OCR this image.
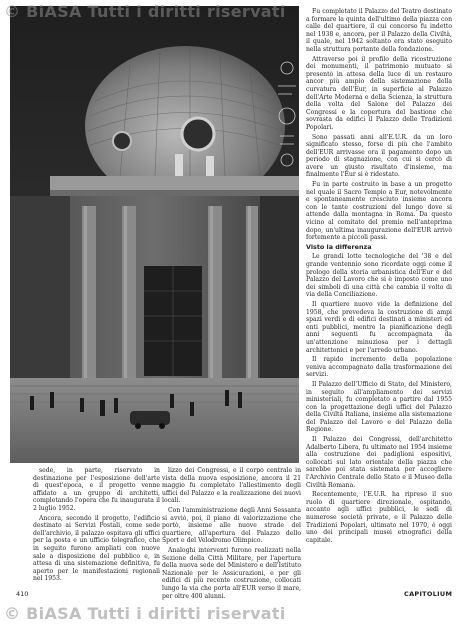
© BiASA Tutti i diritti riservati	Fu completato il Palazzo del Teatro destinato a formare la quinta dell'ultimo della piazza con calle del quartiere, il cui concorso fu indetto nel 1938 e, ancora, per il Palazzo della Civiltà, il quale, nel 1942 soltanto era stato eseguito nella struttura portante della fondazione.

Attraverso poi il profilo della ricostruzione dei monumenti, il patrimonio mutuato si presentò in attesa della luce di un restauro ancor più ampio della sistemazione della curvatura dell'Eur, in superficie al Palazzo dell'Arte Moderna e della Scienza, la struttura della volta del Salone del Palazzo dei Congressi e la copertura del bastione che sovrasta da edifici il Palazzo delle Tradizioni Popolari.

Sono passati anni all'E.U.R. da un loro significato stesso, forse di più che l'ambito dell'EUR arrivasse ora il pagamento dopo un periodo di stagnazione, con cui si cercò di avere un giusto risultato d'insieme, ma finalmente l'Eur si è ridestato.

Fu in parte costruito in base a un progetto nel quale il Sacro Tempio a Eur, notevolmente e spontaneamente cresciuto insieme ancora con le tante costruzioni del lungo dove si attende dalla montagna in Roma. Da questo vicino al comitato del premio nell'anteprima dopo, un'ultima inaugurazione dell'EUR arrivò fortemente a piccoli passi.

Visto la differenza

Le grandi lotte tecnologiche del '38 e del grande ventennio sono ricordate oggi come il prologo della storia urbanistica dell'Eur e del Palazzo del Lavoro che si è imposto come uno dei simboli di una città che cambia il volto di via della Conciliazione.

Il quartiere nuovo vide la definizione del 1958, che prevedeva la costruzione di ampi spazi verdi e di edifici destinati a ministeri ed enti pubblici, mentre la pianificazione degli anni seguenti fu accompagnata da un'attenzione minuziosa per i dettagli architettonici e per l'arredo urbano.

Il rapido incremento della popolazione veniva accompagnato dalla trasformazione dei servizi.

Il Palazzo dell'Ufficio di Stato, del Ministero, in seguito all'ampliamento dei servizi ministeriali, fu completato a partire dal 1955 con la progettazione degli uffici del Palazzo della Civiltà Italiana, insieme alla sistemazione del Palazzo del Lavoro e del Palazzo della Regione.

Il Palazzo dei Congressi, dell'architetto Adalberto Libera, fu ultimato nel 1954 insieme alla costruzione dei padiglioni espositivi, collocati sul lato orientale della piazza che sarebbe poi stata sistemata per accogliere l'Archivio Centrale dello Stato e il Museo della Civiltà Romana.

Recentemente, l'E.U.R. ha ripreso il suo ruolo di quartiere direzionale, ospitando, accanto agli uffici pubblici, le sedi di numerose società private, e il Palazzo delle Tradizioni Popolari, ultimato nel 1970, è oggi uno dei principali musei etnografici della capitale.

sede, in parte, riservato in destinazione per l'esposizione dell'arte di quest'epoca, e il progetto venne affidato a un gruppo di architetti, completando l'opera che fu inaugurata il 2 luglio 1952.

Ancora, secondo il progetto, l'edificio destinato ai Servizi Postali, come sede dell'archivio, il palazzo ospitava gli uffici per la posta e un ufficio telegrafico, che in seguito furono ampliati con nuove sale a disposizione del pubblico e, in attesa di una sistemazione definitiva, fu aperto per le manifestazioni regionali nel 1953.

lizzo dei Congressi, e il corpo centrale in vista della nuova esposizione, ancora il 21 maggio fu completato l'allestimento degli uffici del Palazzo e la realizzazione dei nuovi locali.

Con l'amministrazione degli Anni Sessanta si avviò, poi, il piano di valorizzazione che portò, insieme alle nuove strade del quartiere, all'apertura del Palazzo dello Sport e del Velodromo Olimpico.

Analoghi interventi furono realizzati nella Sezione della Città Militare, per l'apertura della nuova sede del Ministero e dell'Istituto Nazionale per le Assicurazioni, e per gli edifici di più recente costruzione, collocati lungo la via che porta all'EUR verso il mare, per oltre 400 alunni.

410	CAPITOLIUM
© BiASA Tutti i diritti riservati
